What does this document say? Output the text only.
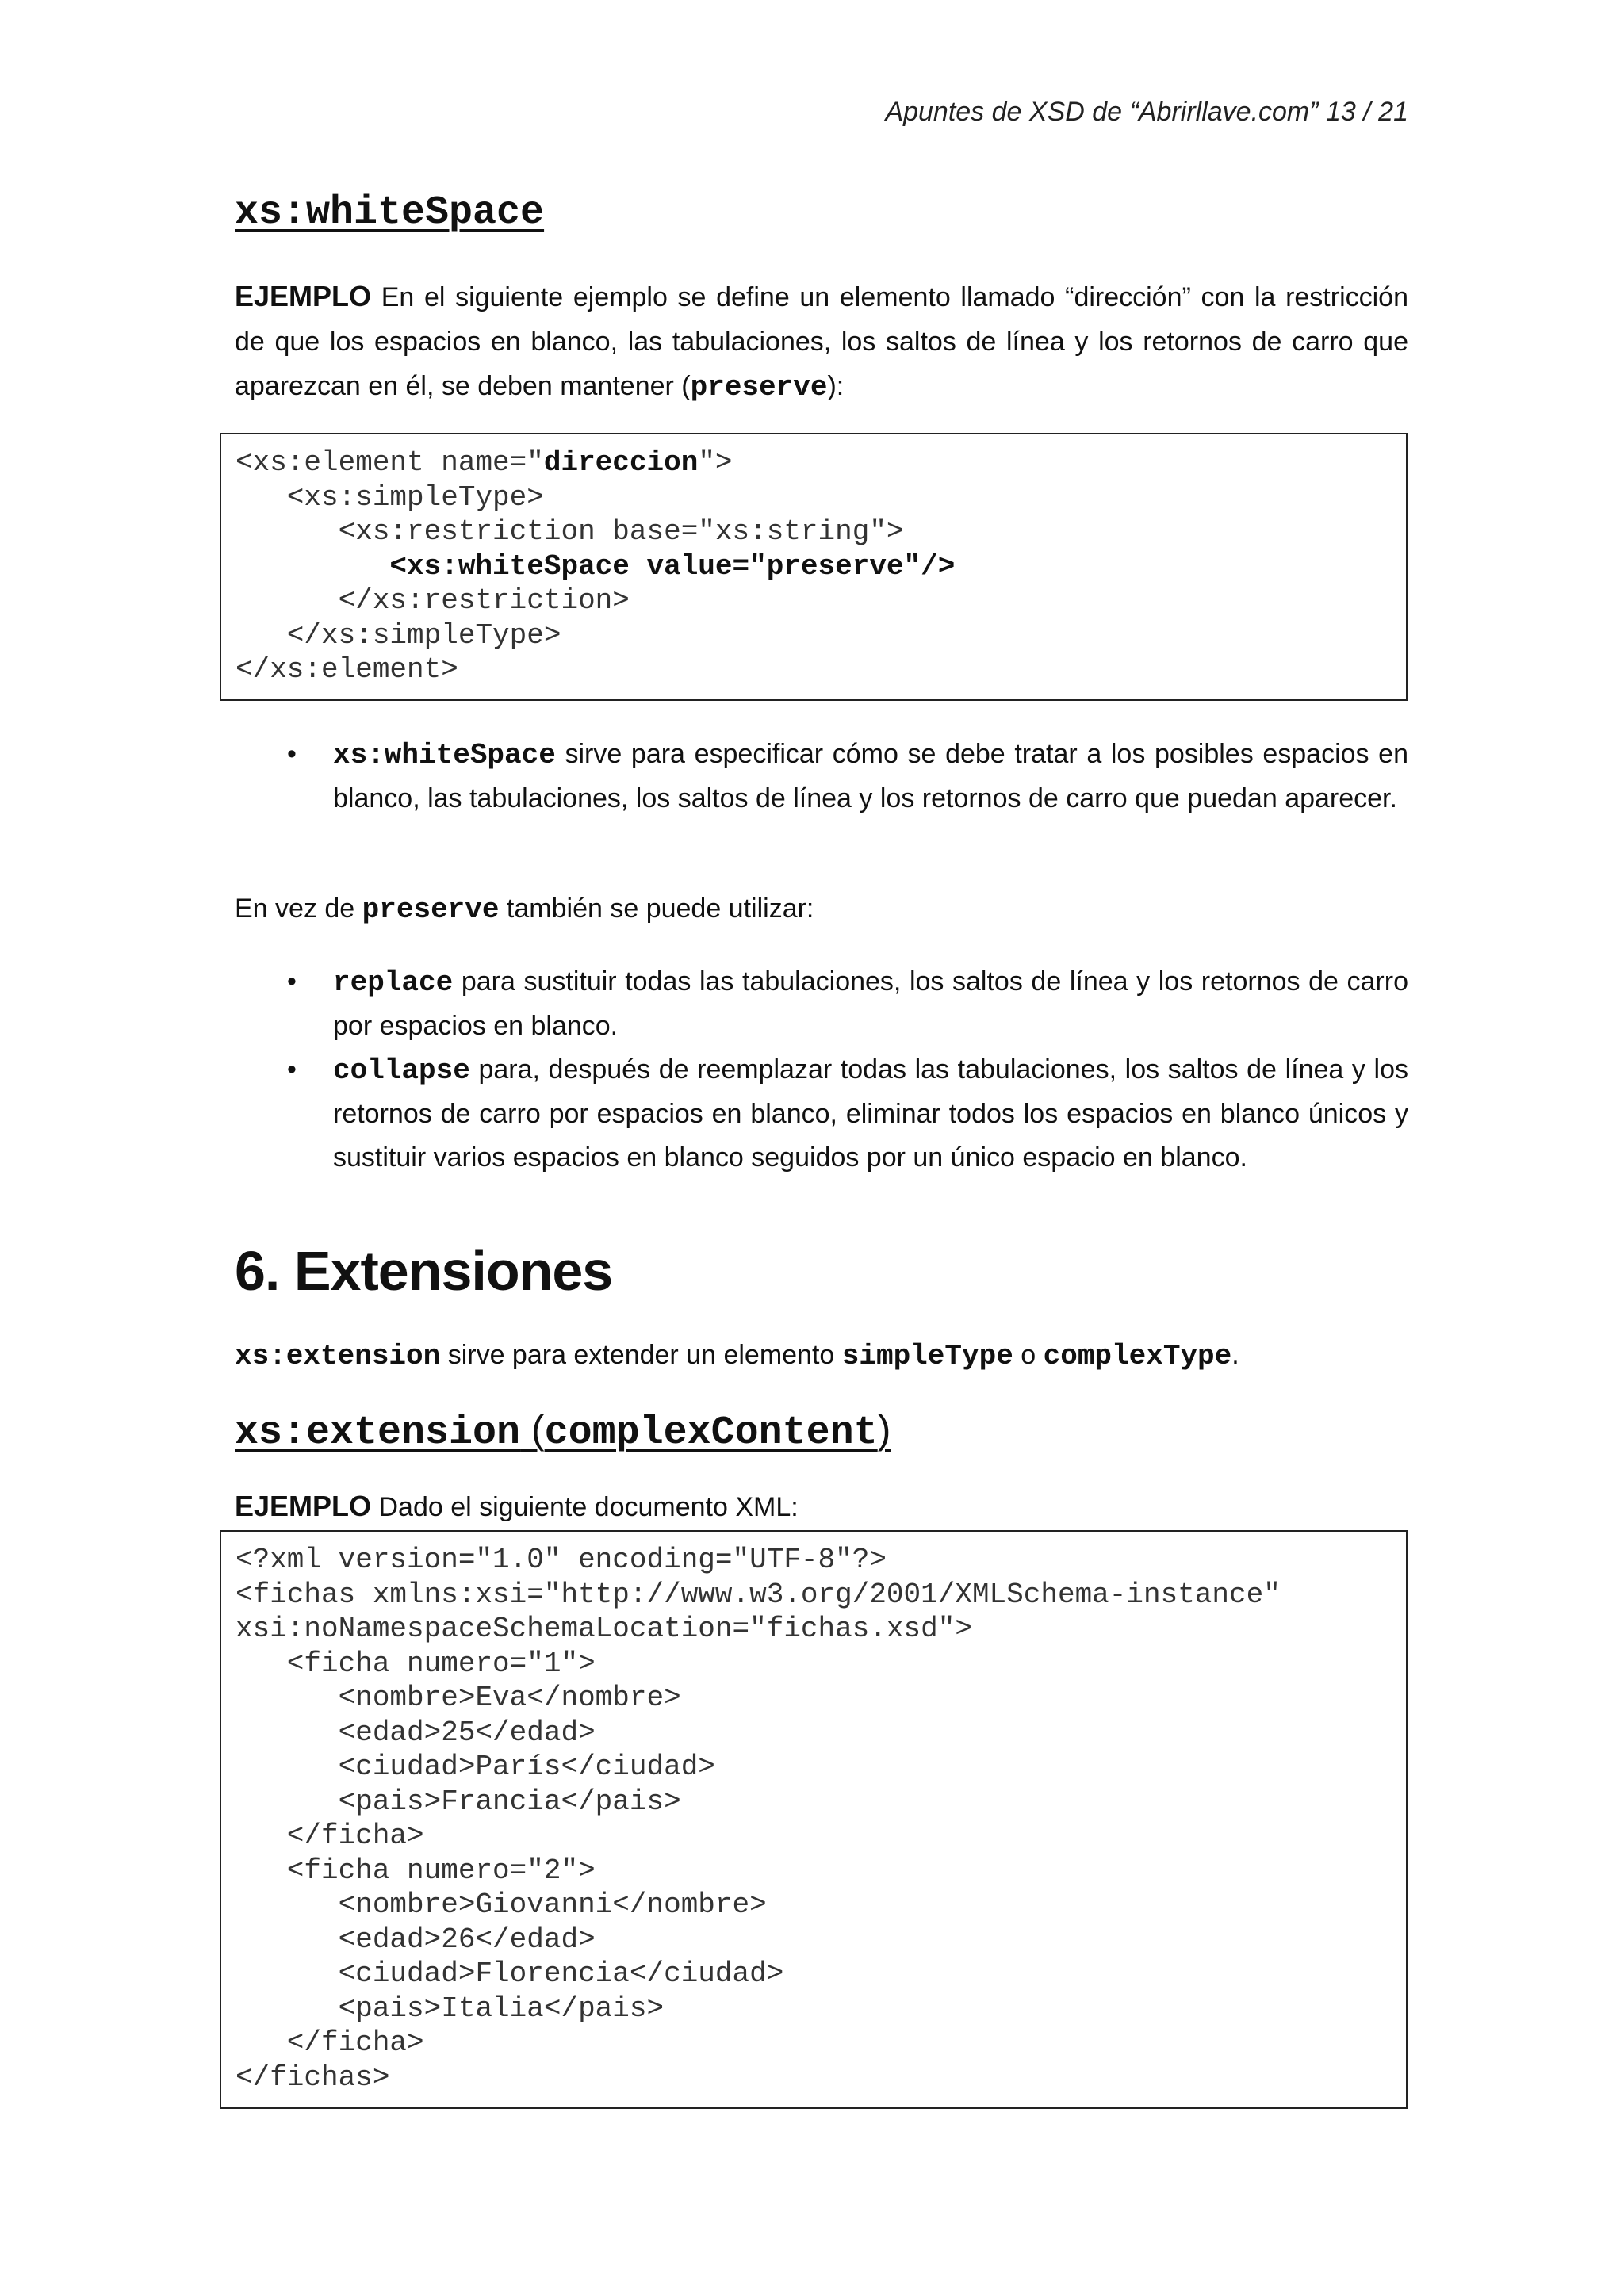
Apuntes de XSD de “Abrirllave.com” 13 / 21
xs:whiteSpace
EJEMPLO En el siguiente ejemplo se define un elemento llamado “dirección” con la restricción de que los espacios en blanco, las tabulaciones, los saltos de línea y los retornos de carro que aparezcan en él, se deben mantener (preserve):
<xs:element name="direccion">
<xs:simpleType>
<xs:restriction base="xs:string">
<xs:whiteSpace value="preserve"/>
</xs:restriction>
</xs:simpleType>
</xs:element>
• xs:whiteSpace sirve para especificar cómo se debe tratar a los posibles espacios en blanco, las tabulaciones, los saltos de línea y los retornos de carro que puedan aparecer.
En vez de preserve también se puede utilizar:
• replace para sustituir todas las tabulaciones, los saltos de línea y los retornos de carro por espacios en blanco.
• collapse para, después de reemplazar todas las tabulaciones, los saltos de línea y los retornos de carro por espacios en blanco, eliminar todos los espacios en blanco únicos y sustituir varios espacios en blanco seguidos por un único espacio en blanco.
6. Extensiones
xs:extension sirve para extender un elemento simpleType o complexType.
xs:extension (complexContent)
EJEMPLO Dado el siguiente documento XML:
<?xml version="1.0" encoding="UTF-8"?>
<fichas xmlns:xsi="http://www.w3.org/2001/XMLSchema-instance"
xsi:noNamespaceSchemaLocation="fichas.xsd">
<ficha numero="1">
<nombre>Eva</nombre>
<edad>25</edad>
<ciudad>París</ciudad>
<pais>Francia</pais>
</ficha>
<ficha numero="2">
<nombre>Giovanni</nombre>
<edad>26</edad>
<ciudad>Florencia</ciudad>
<pais>Italia</pais>
</ficha>
</fichas>
